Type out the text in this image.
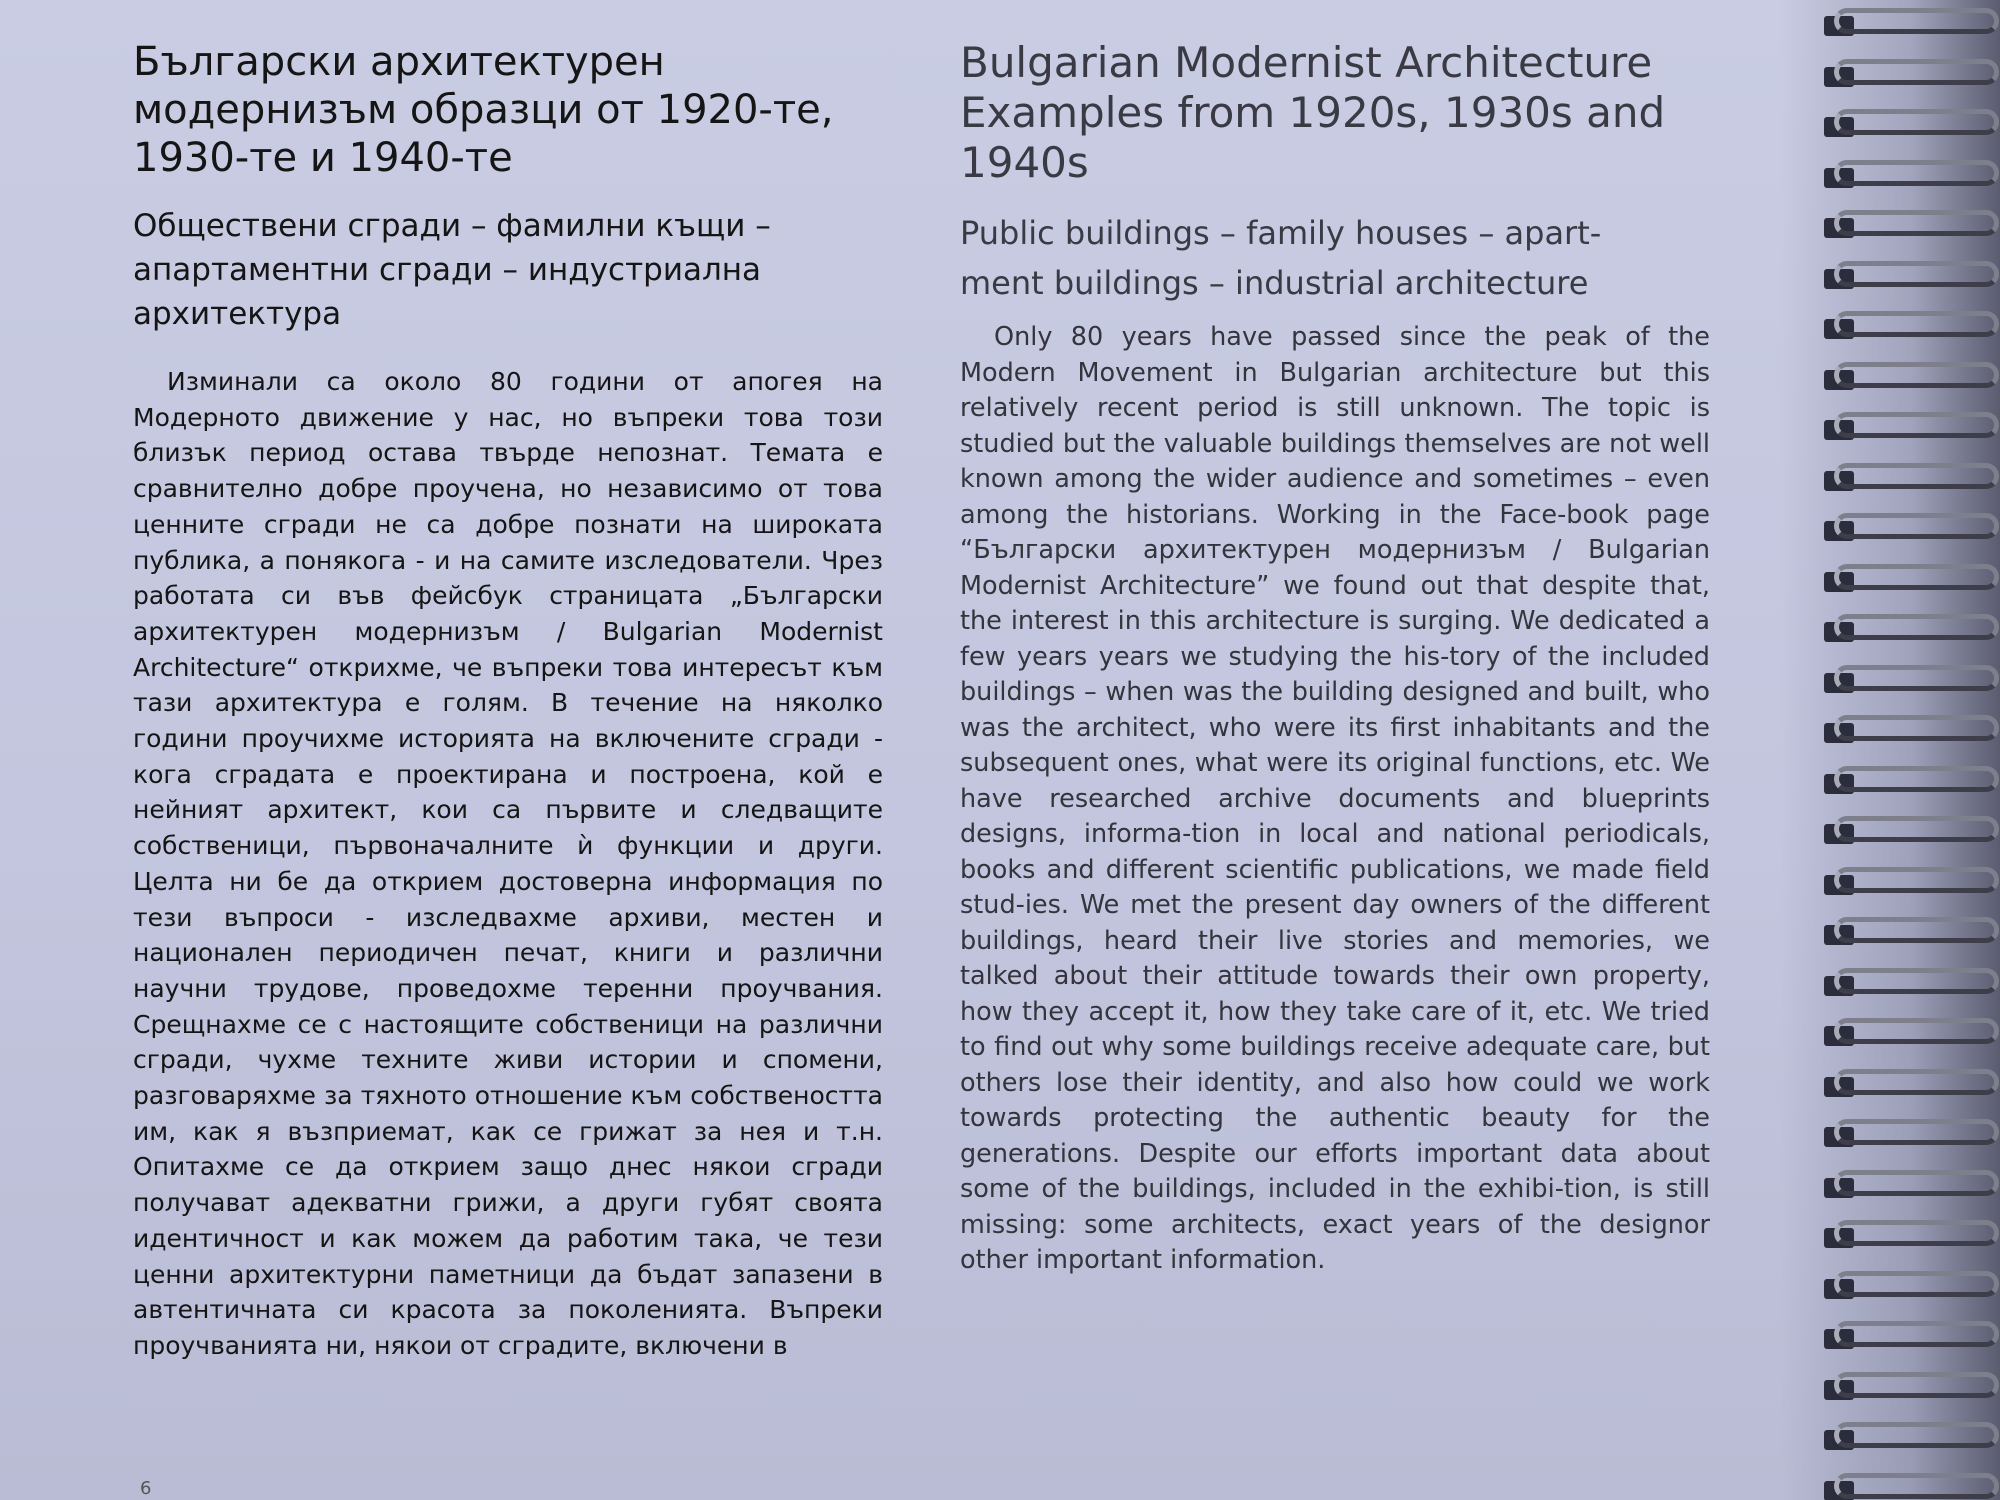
Български архитектурен
модернизъм образци от 1920-те,
1930-те и 1940-те
Обществени сгради – фамилни къщи –
апартаментни сгради – индустриална
архитектура

Изминали са около 80 години от апогея на Модерното движение у нас, но въпреки това този близък период остава твърде непознат. Темата е сравнително добре проучена, но независимо от това ценните сгради не са добре познати на широката публика, а понякога - и на самите изследователи. Чрез работата си във фейсбук страницата „Български архитектурен модернизъм / Bulgarian Modernist Architecture“ открихме, че въпреки това интересът към тази архитектура е голям. В течение на няколко години проучихме историята на включените сгради - кога сградата е проектирана и построена, кой е нейният архитект, кои са първите и следващите собственици, първоначалните ѝ функции и други. Целта ни бе да открием достоверна информация по тези въпроси - изследвахме архиви, местен и национален периодичен печат, книги и различни научни трудове, проведохме теренни проучвания. Срещнахме се с настоящите собственици на различни сгради, чухме техните живи истории и спомени, разговаряхме за тяхното отношение към собствеността им, как я възприемат, как се грижат за нея и т.н. Опитахме се да открием защо днес някои сгради получават адекватни грижи, а други губят своята идентичност и как можем да работим така, че тези ценни архитектурни паметници да бъдат запазени в автентичната си красота за поколенията. Въпреки проучванията ни, някои от сградите, включени в

Bulgarian Modernist Architecture
Examples from 1920s, 1930s and
1940s
Public buildings – family houses – apart-
ment buildings – industrial architecture

Only 80 years have passed since the peak of the Modern Movement in Bulgarian architecture but this relatively recent period is still unknown. The topic is studied but the valuable buildings themselves are not well known among the wider audience and sometimes – even among the historians. Working in the Face-book page “Български архитектурен модернизъм / Bulgarian Modernist Architecture” we found out that despite that, the interest in this architecture is surging. We dedicated a few years years we studying the his-tory of the included buildings – when was the building designed and built, who was the architect, who were its first inhabitants and the subsequent ones, what were its original functions, etc. We have researched archive documents and blueprints designs, informa-tion in local and national periodicals, books and different scientific publications, we made field stud-ies. We met the present day owners of the different buildings, heard their live stories and memories, we talked about their attitude towards their own property, how they accept it, how they take care of it, etc. We tried to find out why some buildings receive adequate care, but others lose their identity, and also how could we work towards protecting the authentic beauty for the generations. Despite our efforts important data about some of the buildings, included in the exhibi-tion, is still missing: some architects, exact years of the designor other important information.

6
